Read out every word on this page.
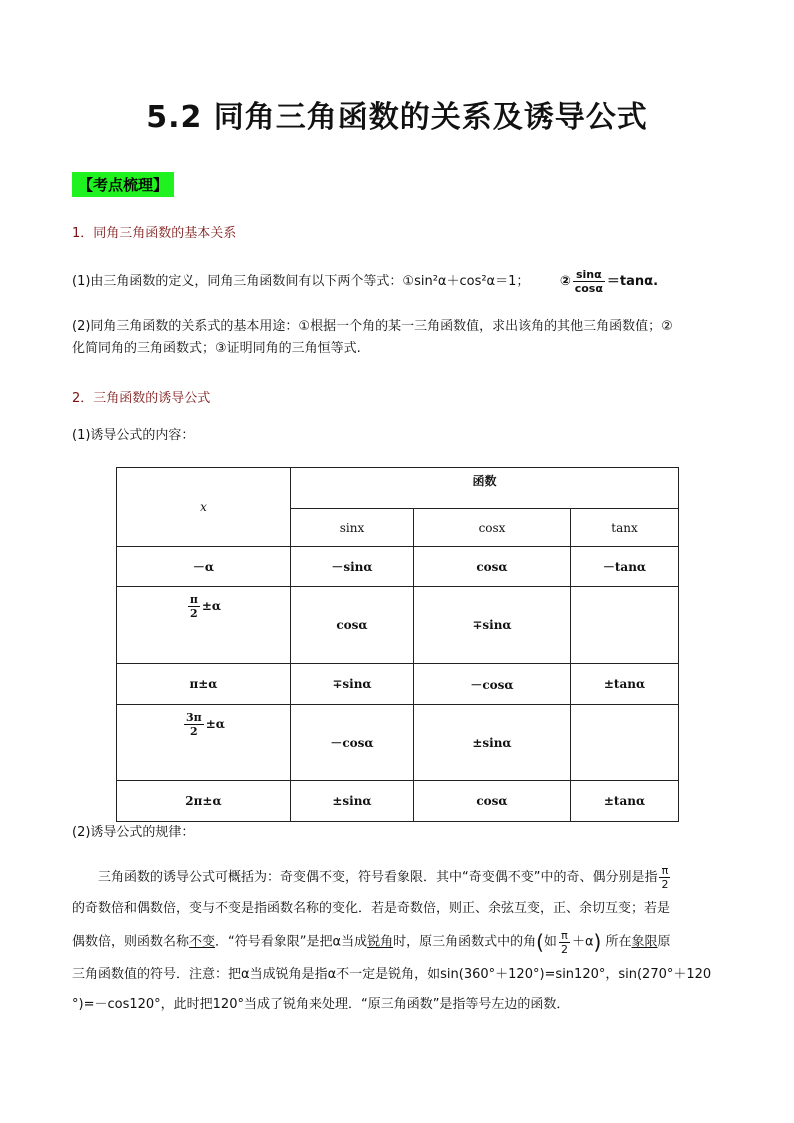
5.2 同角三角函数的关系及诱导公式
【考点梳理】
1．同角三角函数的基本关系
(1)由三角函数的定义，同角三角函数间有以下两个等式：①sin²α＋cos²α＝1； ② $\frac{\sin\alpha}{\cos\alpha} =\tan\alpha$.
(2)同角三角函数的关系式的基本用途：①根据一个角的某一三角函数值，求出该角的其他三角函数值；②
化简同角的三角函数式；③证明同角的三角恒等式.
2．三角函数的诱导公式
(1)诱导公式的内容：
x	函数		
	sinx	cosx	tanx
－α	－sinα	cosα	－tanα

$\frac{\pi}{2} \pm\alpha$	cosα	∓sinα	
π±α	∓sinα	－cosα	±tanα

$\frac{3\pi}{2} \pm\alpha$	－cosα	±sinα	
2π±α	±sinα	cosα	±tanα
(2)诱导公式的规律：
三角函数的诱导公式可概括为：奇变偶不变，符号看象限．其中“奇变偶不变”中的奇、偶分别是指 $\frac{\pi}{2}$
的奇数倍和偶数倍，变与不变是指函数名称的变化．若是奇数倍，则正、余弦互变，正、余切互变；若是
偶数倍，则函数名称不变．“符号看象限”是把α当成锐角时，原三角函数式中的角(如 $\frac{\pi}{2} +\alpha$) 所在象限原
三角函数值的符号．注意：把α当成锐角是指α不一定是锐角，如sin(360°＋120°)=sin120°，sin(270°＋120
°)=－cos120°，此时把120°当成了锐角来处理．“原三角函数”是指等号左边的函数．
